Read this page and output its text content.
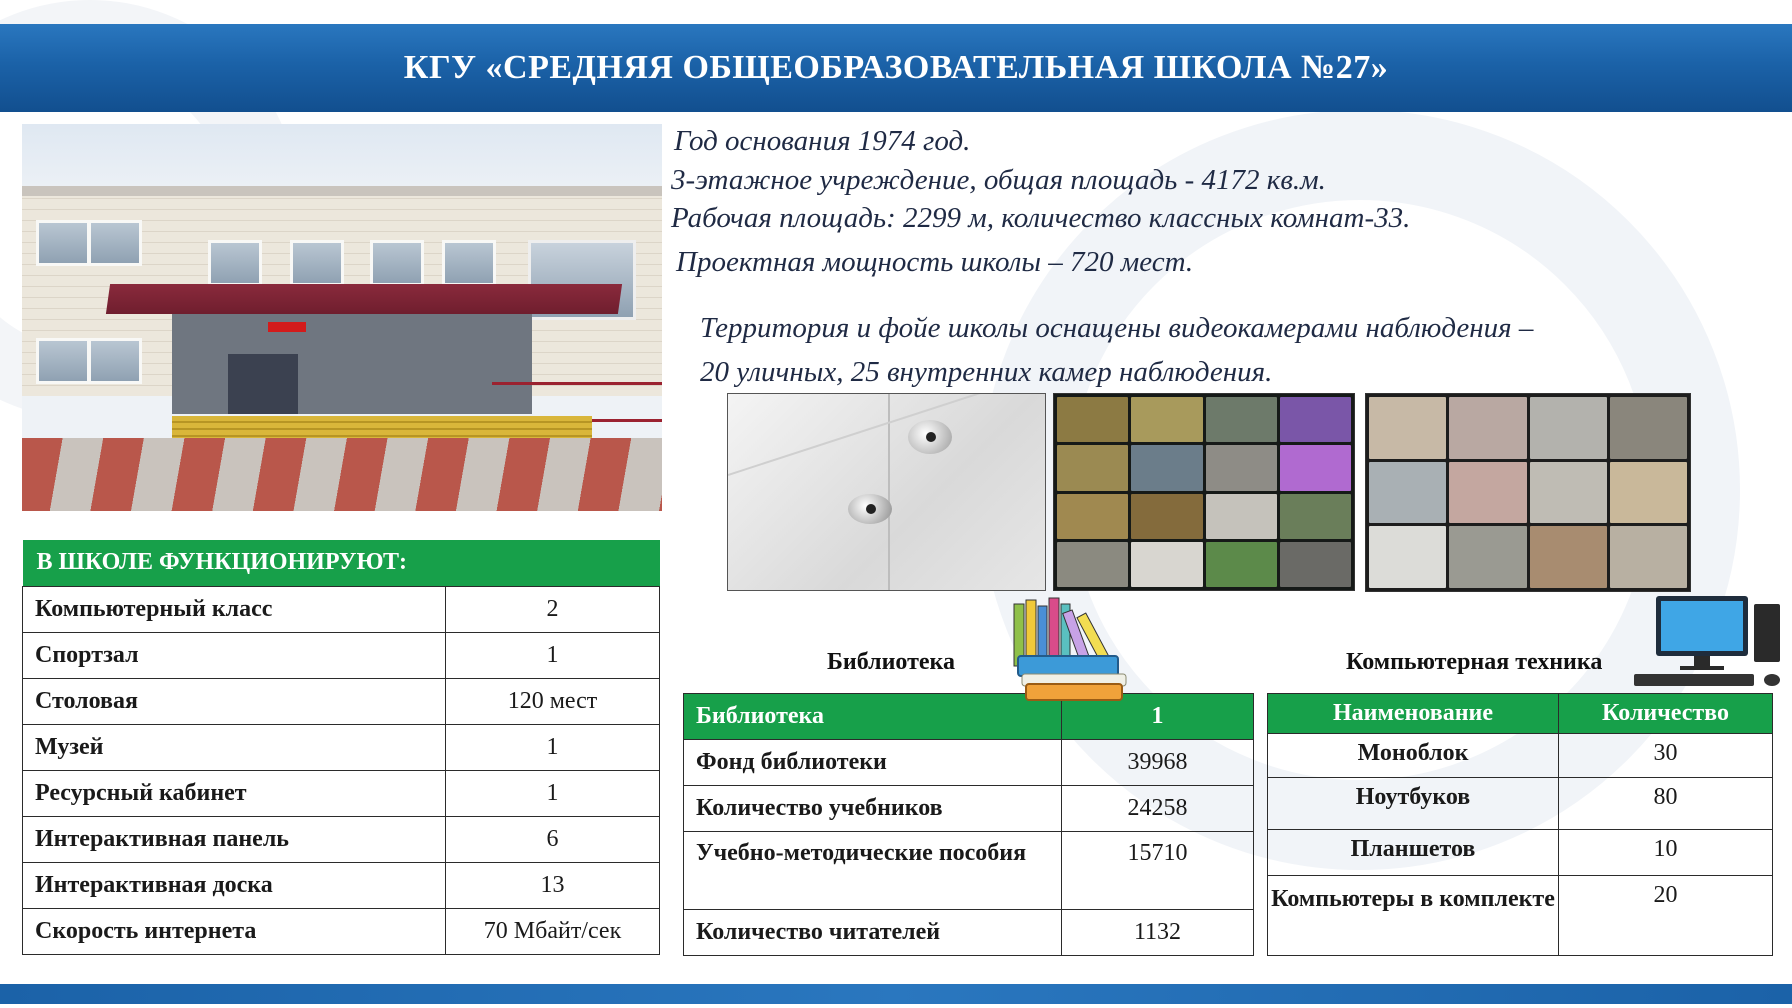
КГУ «СРЕДНЯЯ ОБЩЕОБРАЗОВАТЕЛЬНАЯ ШКОЛА №27»
Год основания 1974 год.
3-этажное учреждение, общая площадь - 4172 кв.м.
Рабочая площадь: 2299 м, количество классных комнат-33.
Проектная мощность школы – 720 мест.
Территория и фойе школы оснащены видеокамерами наблюдения –
20 уличных, 25 внутренних камер наблюдения.
В ШКОЛЕ ФУНКЦИОНИРУЮТ:	
Компьютерный класс	2
Спортзал	1
Столовая	120 мест
Музей	1
Ресурсный кабинет	1
Интерактивная панель	6
Интерактивная доска	13
Скорость интернета	70 Мбайт/сек
Библиотека
Библиотека	1
Фонд библиотеки	39968
Количество учебников	24258
Учебно-методические пособия	15710
Количество читателей	1132
Компьютерная техника
Наименование	Количество
Моноблок	30
Ноутбуков	80
Планшетов	10
Компьютеры в комплекте	20
